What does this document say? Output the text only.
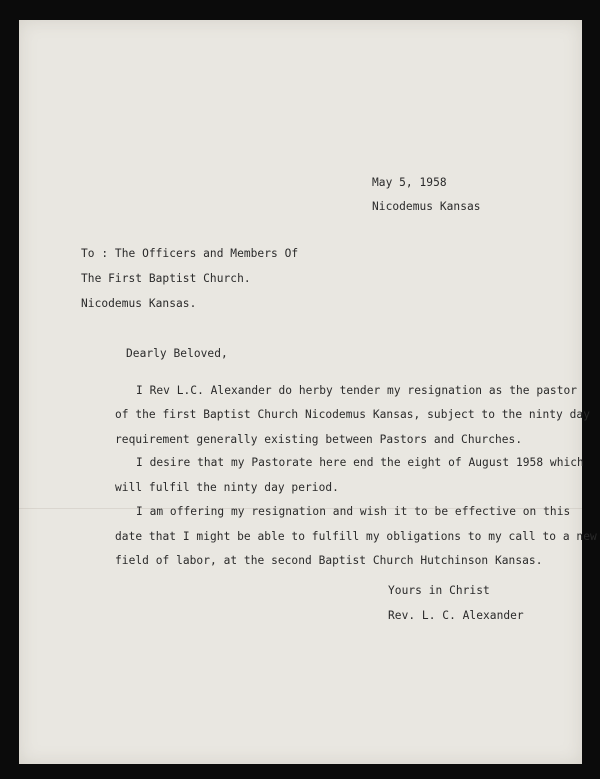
May 5, 1958
Nicodemus Kansas
To : The Officers and Members Of
The First Baptist Church.
Nicodemus Kansas.
Dearly Beloved,
I Rev L.C. Alexander do herby tender my resignation as the pastor
of the first Baptist Church Nicodemus Kansas, subject to the ninty day
requirement generally existing between Pastors and Churches.
I desire that my Pastorate here end the eight of August 1958 which
will fulfil the ninty day period.
I am offering my resignation and wish it to be effective on this
date that I might be able to fulfill my obligations to my call to a new
field of labor, at the second Baptist Church Hutchinson Kansas.
Yours in Christ
Rev. L. C. Alexander
